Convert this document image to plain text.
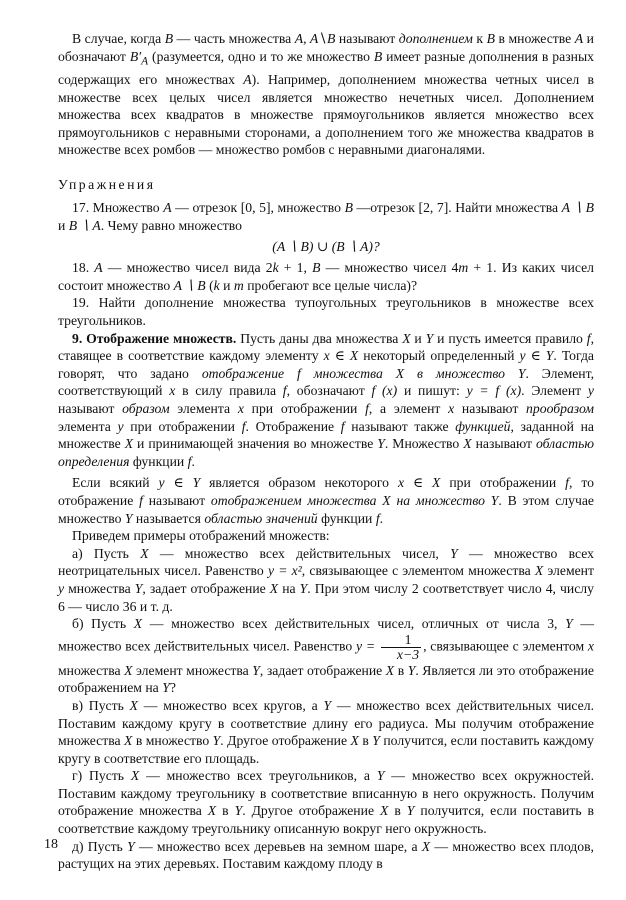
В случае, когда B — часть множества A, A∖B называют дополнением к B в множестве A и обозначают $B'_A$ (разумеется, одно и то же множество B имеет разные дополнения в разных содержащих его множествах A). Например, дополнением множества четных чисел в множестве всех целых чисел является множество нечетных чисел. Дополнением множества всех квадратов в множестве прямоугольников является множество всех прямоугольников с неравными сторонами, а дополнением того же множества квадратов в множестве всех ромбов — множество ромбов с неравными диагоналями.

Упражнения

17. Множество A — отрезок [0, 5], множество B —отрезок [2, 7]. Найти множества A ∖ B и B ∖ A. Чему равно множество

(A ∖ B) ∪ (B ∖ A)?

18. A — множество чисел вида 2k + 1, B — множество чисел 4m + 1. Из каких чисел состоит множество A ∖ B (k и m пробегают все целые числа)?

19. Найти дополнение множества тупоугольных треугольников в множестве всех треугольников.

9. Отображение множеств. Пусть даны два множества X и Y и пусть имеется правило f, ставящее в соответствие каждому элементу x ∈ X некоторый определенный y ∈ Y. Тогда говорят, что задано отображение f множества X в множество Y. Элемент, соответствующий x в силу правила f, обозначают f (x) и пишут: y = f (x). Элемент y называют образом элемента x при отображении f, а элемент x называют прообразом элемента y при отображении f. Отображение f называют также функцией, заданной на множестве X и принимающей значения во множестве Y. Множество X называют областью определения функции f.

Если всякий y ∈ Y является образом некоторого x ∈ X при отображении f, то отображение f называют отображением множества X на множество Y. В этом случае множество Y называется областью значений функции f.

Приведем примеры отображений множеств:

а) Пусть X — множество всех действительных чисел, Y — множество всех неотрицательных чисел. Равенство y = x², связывающее с элементом множества X элемент y множества Y, задает отображение X на Y. При этом числу 2 соответствует число 4, числу 6 — число 36 и т. д.

б) Пусть X — множество всех действительных чисел, отличных от числа 3, Y — множество всех действительных чисел. Равенство $y = \frac{1}{x-3}$ , связывающее с элементом x множества X элемент множества Y, задает отображение X в Y. Является ли это отображение отображением на Y?

в) Пусть X — множество всех кругов, а Y — множество всех действительных чисел. Поставим каждому кругу в соответствие длину его радиуса. Мы получим отображение множества X в множество Y. Другое отображение X в Y получится, если поставить каждому кругу в соответствие его площадь.

г) Пусть X — множество всех треугольников, а Y — множество всех окружностей. Поставим каждому треугольнику в соответствие вписанную в него окружность. Получим отображение множества X в Y. Другое отображение X в Y получится, если поставить в соответствие каждому треугольнику описанную вокруг него окружность.

д) Пусть Y — множество всех деревьев на земном шаре, а X — множество всех плодов, растущих на этих деревьях. Поставим каждому плоду в

18
